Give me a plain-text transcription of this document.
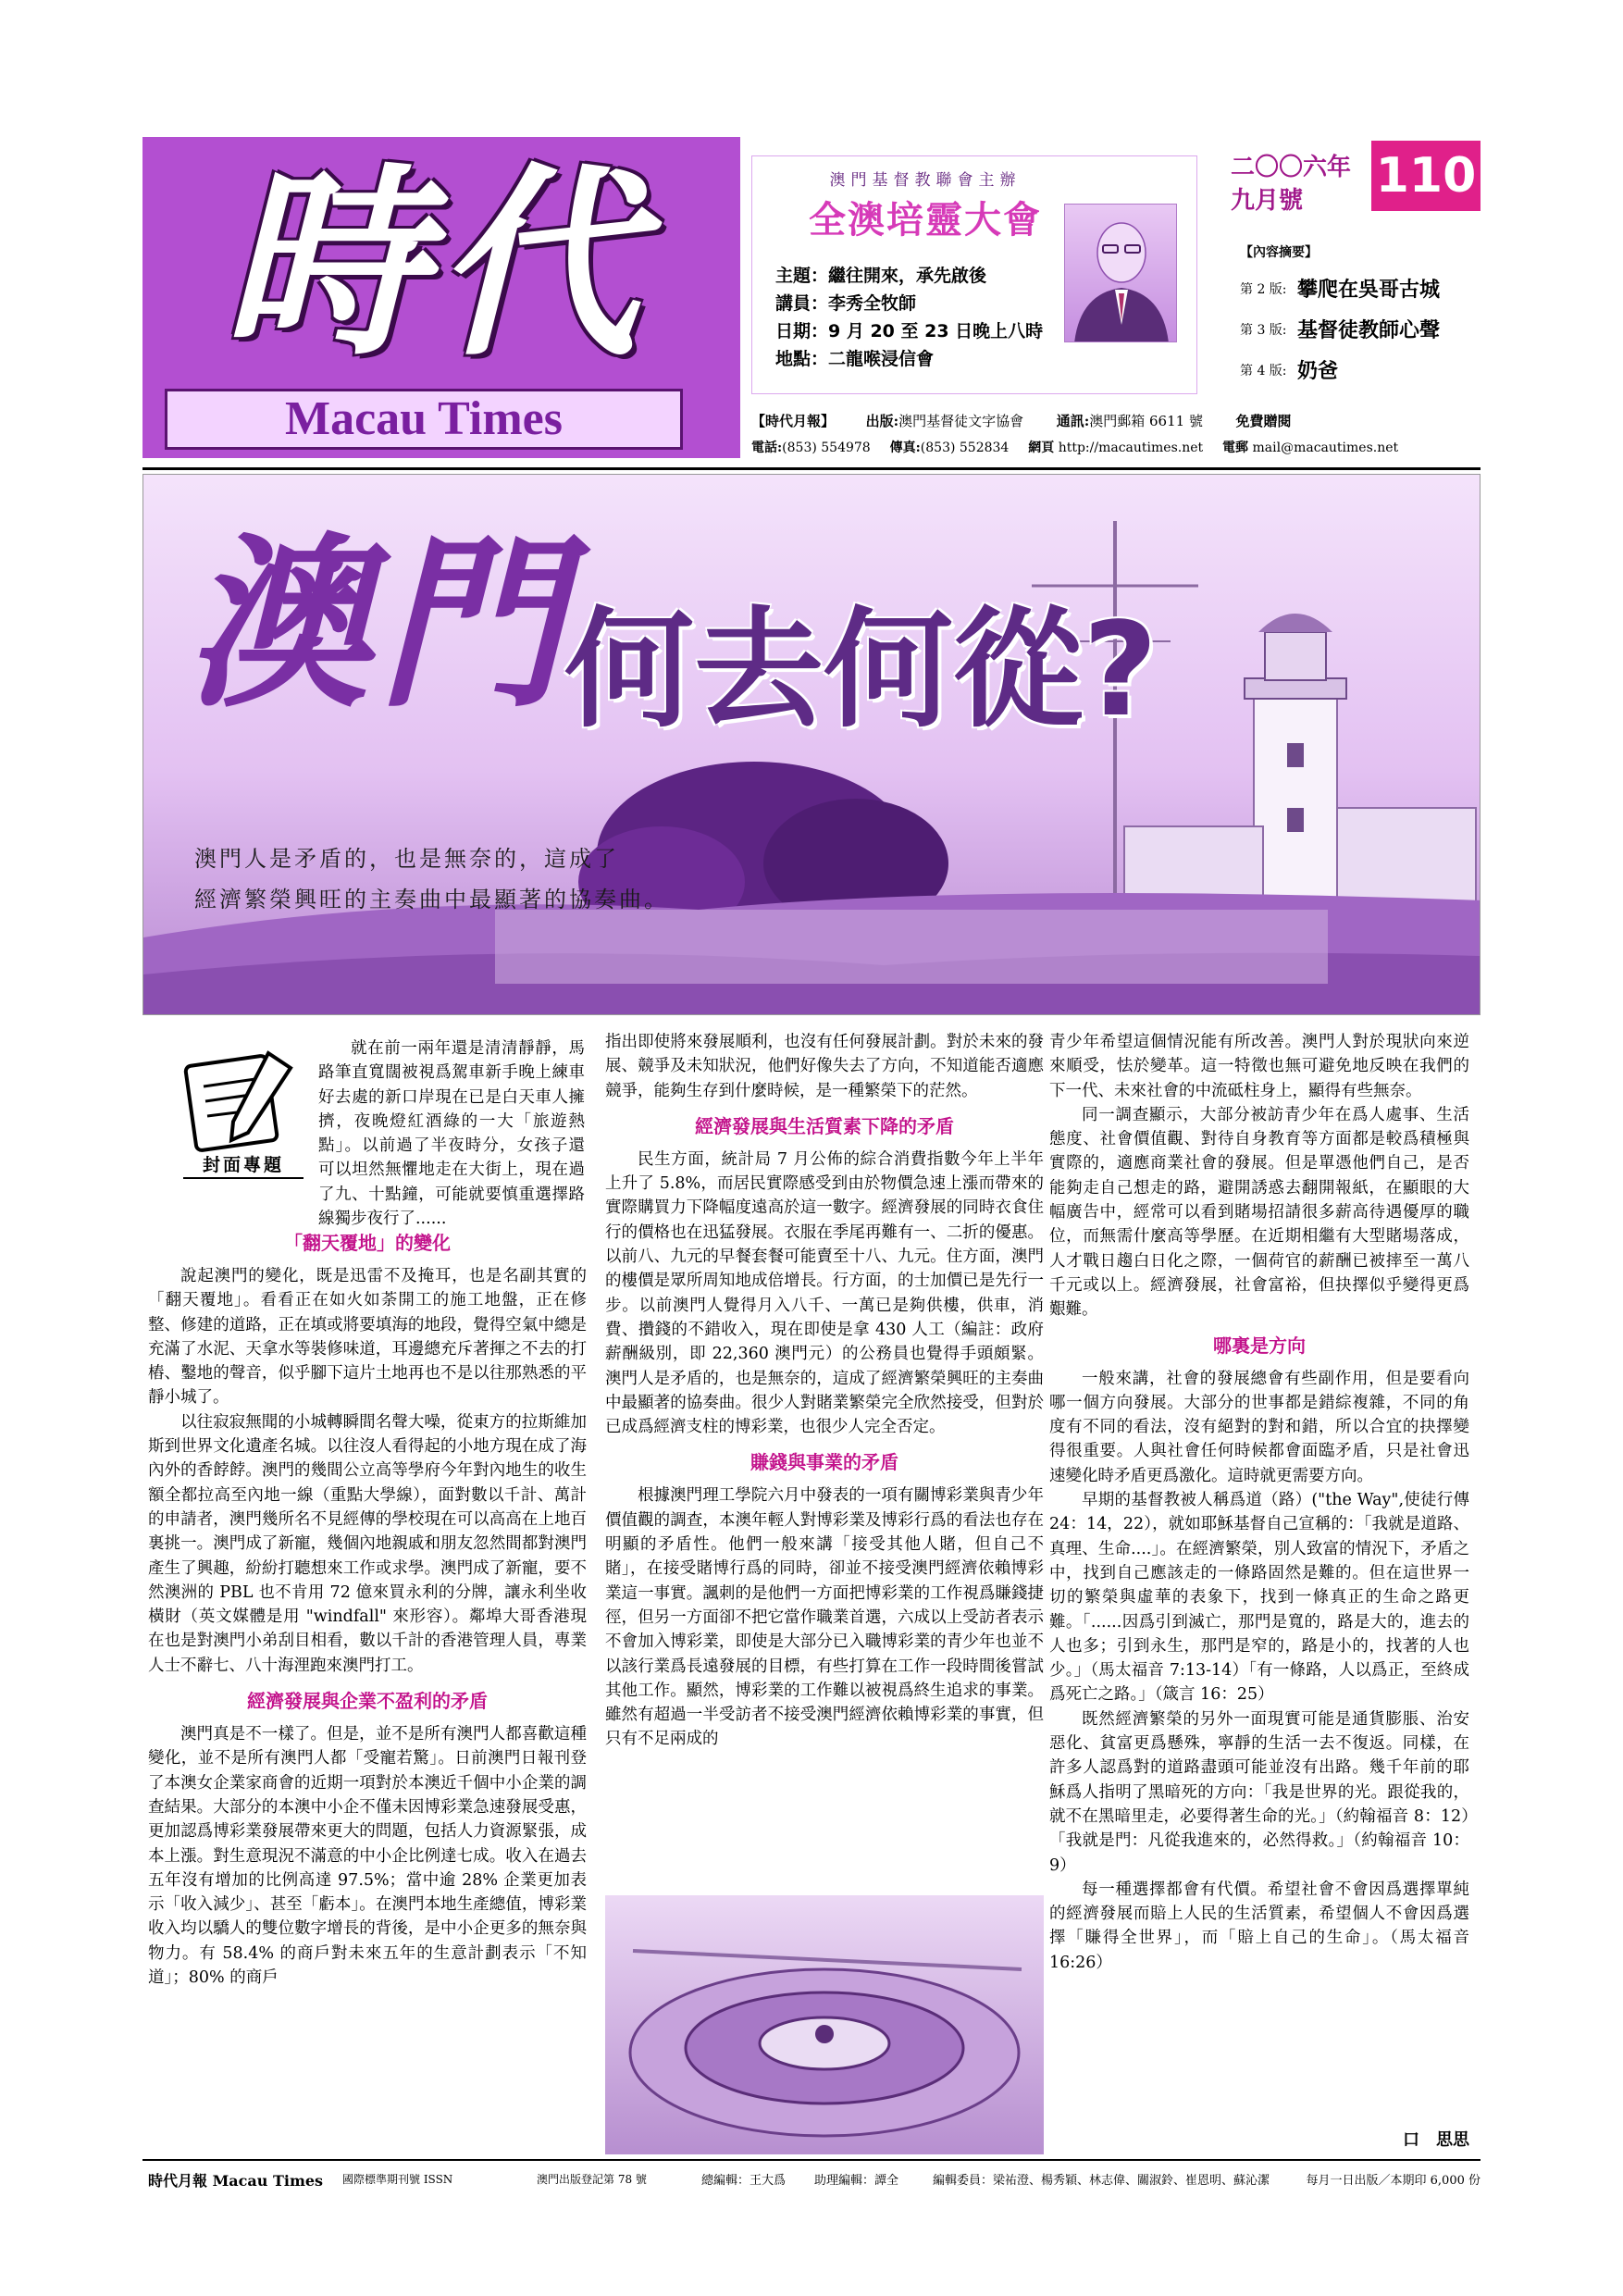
時代
Macau Times
澳門基督教聯會主辦
全澳培靈大會
主題：繼往開來，承先啟後
講員：李秀全牧師
日期：9 月 20 至 23 日晚上八時
地點：二龍喉浸信會
二〇〇六年
九月號	110
【內容摘要】
第 2 版: 攀爬在吳哥古城
第 3 版: 基督徒教師心聲
第 4 版: 奶爸
【時代月報】 出版:澳門基督徒文字協會 通訊:澳門郵箱 6611 號 免費贈閱
電話:(853) 554978 傳真:(853) 552834 網頁 http://macautimes.net 電郵 mail@macautimes.net
澳門
何去何從?
澳門人是矛盾的，也是無奈的，這成了
經濟繁榮興旺的主奏曲中最顯著的協奏曲。
封面專題

就在前一兩年還是清清靜靜，馬路筆直寬闊被視爲駕車新手晚上練車好去處的新口岸現在已是白天車人擁擠，夜晚燈紅酒綠的一大「旅遊熱點」。以前過了半夜時分，女孩子還可以坦然無懼地走在大街上，現在過了九、十點鐘，可能就要慎重選擇路線獨步夜行了......

「翻天覆地」的變化

說起澳門的變化，既是迅雷不及掩耳，也是名副其實的「翻天覆地」。看看正在如火如荼開工的施工地盤，正在修整、修建的道路，正在填或將要填海的地段，覺得空氣中總是充滿了水泥、天拿水等裝修味道，耳邊總充斥著揮之不去的打樁、鑿地的聲音，似乎腳下這片土地再也不是以往那熟悉的平靜小城了。

以往寂寂無聞的小城轉瞬間名聲大噪，從東方的拉斯維加斯到世界文化遺產名城。以往沒人看得起的小地方現在成了海內外的香餑餑。澳門的幾間公立高等學府今年對內地生的收生額全都拉高至內地一線（重點大學線），面對數以千計、萬計的申請者，澳門幾所名不見經傳的學校現在可以高高在上地百裏挑一。澳門成了新寵，幾個內地親戚和朋友忽然間都對澳門產生了興趣，紛紛打聽想來工作或求學。澳門成了新寵，要不然澳洲的 PBL 也不肯用 72 億來買永利的分牌，讓永利坐收橫財（英文媒體是用 "windfall" 來形容）。鄰埠大哥香港現在也是對澳門小弟刮目相看，數以千計的香港管理人員，專業人士不辭七、八十海浬跑來澳門打工。

經濟發展與企業不盈利的矛盾

澳門真是不一樣了。但是，並不是所有澳門人都喜歡這種變化，並不是所有澳門人都「受寵若驚」。日前澳門日報刊登了本澳女企業家商會的近期一項對於本澳近千個中小企業的調查結果。大部分的本澳中小企不僅未因博彩業急速發展受惠，更加認爲博彩業發展帶來更大的問題，包括人力資源緊張，成本上漲。對生意現況不滿意的中小企比例達七成。收入在過去五年沒有增加的比例高達 97.5%；當中逾 28% 企業更加表示「收入減少」、甚至「虧本」。在澳門本地生產總值，博彩業收入均以驕人的雙位數字增長的背後，是中小企更多的無奈與物力。有 58.4% 的商戶對未來五年的生意計劃表示「不知道」；80% 的商戶

指出即使將來發展順利，也沒有任何發展計劃。對於未來的發展、競爭及未知狀況，他們好像失去了方向，不知道能否適應競爭，能夠生存到什麼時候，是一種繁榮下的茫然。

經濟發展與生活質素下降的矛盾

民生方面，統計局 7 月公佈的綜合消費指數今年上半年上升了 5.8%，而居民實際感受到由於物價急速上漲而帶來的實際購買力下降幅度遠高於這一數字。經濟發展的同時衣食住行的價格也在迅猛發展。衣服在季尾再難有一、二折的優惠。以前八、九元的早餐套餐可能賣至十八、九元。住方面，澳門的樓價是眾所周知地成倍增長。行方面，的士加價已是先行一步。以前澳門人覺得月入八千、一萬已是夠供樓，供車，消費、攢錢的不錯收入，現在即使是拿 430 人工（編註：政府薪酬級別，即 22,360 澳門元）的公務員也覺得手頭頗緊。澳門人是矛盾的，也是無奈的，這成了經濟繁榮興旺的主奏曲中最顯著的協奏曲。很少人對賭業繁榮完全欣然接受，但對於已成爲經濟支柱的博彩業，也很少人完全否定。

賺錢與事業的矛盾

根據澳門理工學院六月中發表的一項有關博彩業與青少年價值觀的調查，本澳年輕人對博彩業及博彩行爲的看法也存在明顯的矛盾性。他們一般來講「接受其他人賭，但自己不賭」，在接受賭博行爲的同時，卻並不接受澳門經濟依賴博彩業這一事實。諷刺的是他們一方面把博彩業的工作視爲賺錢捷徑，但另一方面卻不把它當作職業首選，六成以上受訪者表示不會加入博彩業，即使是大部分已入職博彩業的青少年也並不以該行業爲長遠發展的目標，有些打算在工作一段時間後嘗試其他工作。顯然，博彩業的工作難以被視爲終生追求的事業。雖然有超過一半受訪者不接受澳門經濟依賴博彩業的事實，但只有不足兩成的

青少年希望這個情況能有所改善。澳門人對於現狀向來逆來順受，怯於變革。這一特徵也無可避免地反映在我們的下一代、未來社會的中流砥柱身上，顯得有些無奈。

同一調查顯示，大部分被訪青少年在爲人處事、生活態度、社會價值觀、對待自身教育等方面都是較爲積極與實際的，適應商業社會的發展。但是單憑他們自己，是否能夠走自己想走的路，避開誘惑去翻開報紙，在顯眼的大幅廣告中，經常可以看到賭場招請很多薪高待遇優厚的職位，而無需什麼高等學歷。在近期相繼有大型賭場落成，人才戰日趨白日化之際，一個荷官的薪酬已被摔至一萬八千元或以上。經濟發展，社會富裕，但抉擇似乎變得更爲艱難。

哪裏是方向

一般來講，社會的發展總會有些副作用，但是要看向哪一個方向發展。大部分的世事都是錯綜複雜，不同的角度有不同的看法，沒有絕對的對和錯，所以合宜的抉擇變得很重要。人與社會任何時候都會面臨矛盾，只是社會迅速變化時矛盾更爲激化。這時就更需要方向。

早期的基督教被人稱爲道（路）("the Way",使徒行傳 24：14，22），就如耶穌基督自己宣稱的：「我就是道路、真理、生命....」。在經濟繁榮，別人致富的情況下，矛盾之中，找到自己應該走的一條路固然是難的。但在這世界一切的繁榮與虛華的表象下，找到一條真正的生命之路更難。「......因爲引到滅亡，那門是寬的，路是大的，進去的人也多；引到永生，那門是窄的，路是小的，找著的人也少。」（馬太福音 7:13-14）「有一條路，人以爲正，至終成爲死亡之路。」（箴言 16：25）

既然經濟繁榮的另外一面現實可能是通貨膨脹、治安惡化、貧富更爲懸殊，寧靜的生活一去不復返。同樣，在許多人認爲對的道路盡頭可能並沒有出路。幾千年前的耶穌爲人指明了黑暗死的方向：「我是世界的光。跟從我的，就不在黑暗里走，必要得著生命的光。」（約翰福音 8：12）「我就是門：凡從我進來的，必然得救。」（約翰福音 10：9）

每一種選擇都會有代價。希望社會不會因爲選擇單純的經濟發展而賠上人民的生活質素，希望個人不會因爲選擇「賺得全世界」，而「賠上自己的生命」。（馬太福音 16:26）

口　思思
時代月報 Macau Times	國際標準期刊號 ISSN	澳門出版登記第 78 號	總編輯：王大爲	助理編輯：譚全	編輯委員：梁祐澄、楊秀穎、林志偉、關淑鈴、崔恩明、蘇沁潔	每月一日出版／本期印 6,000 份
